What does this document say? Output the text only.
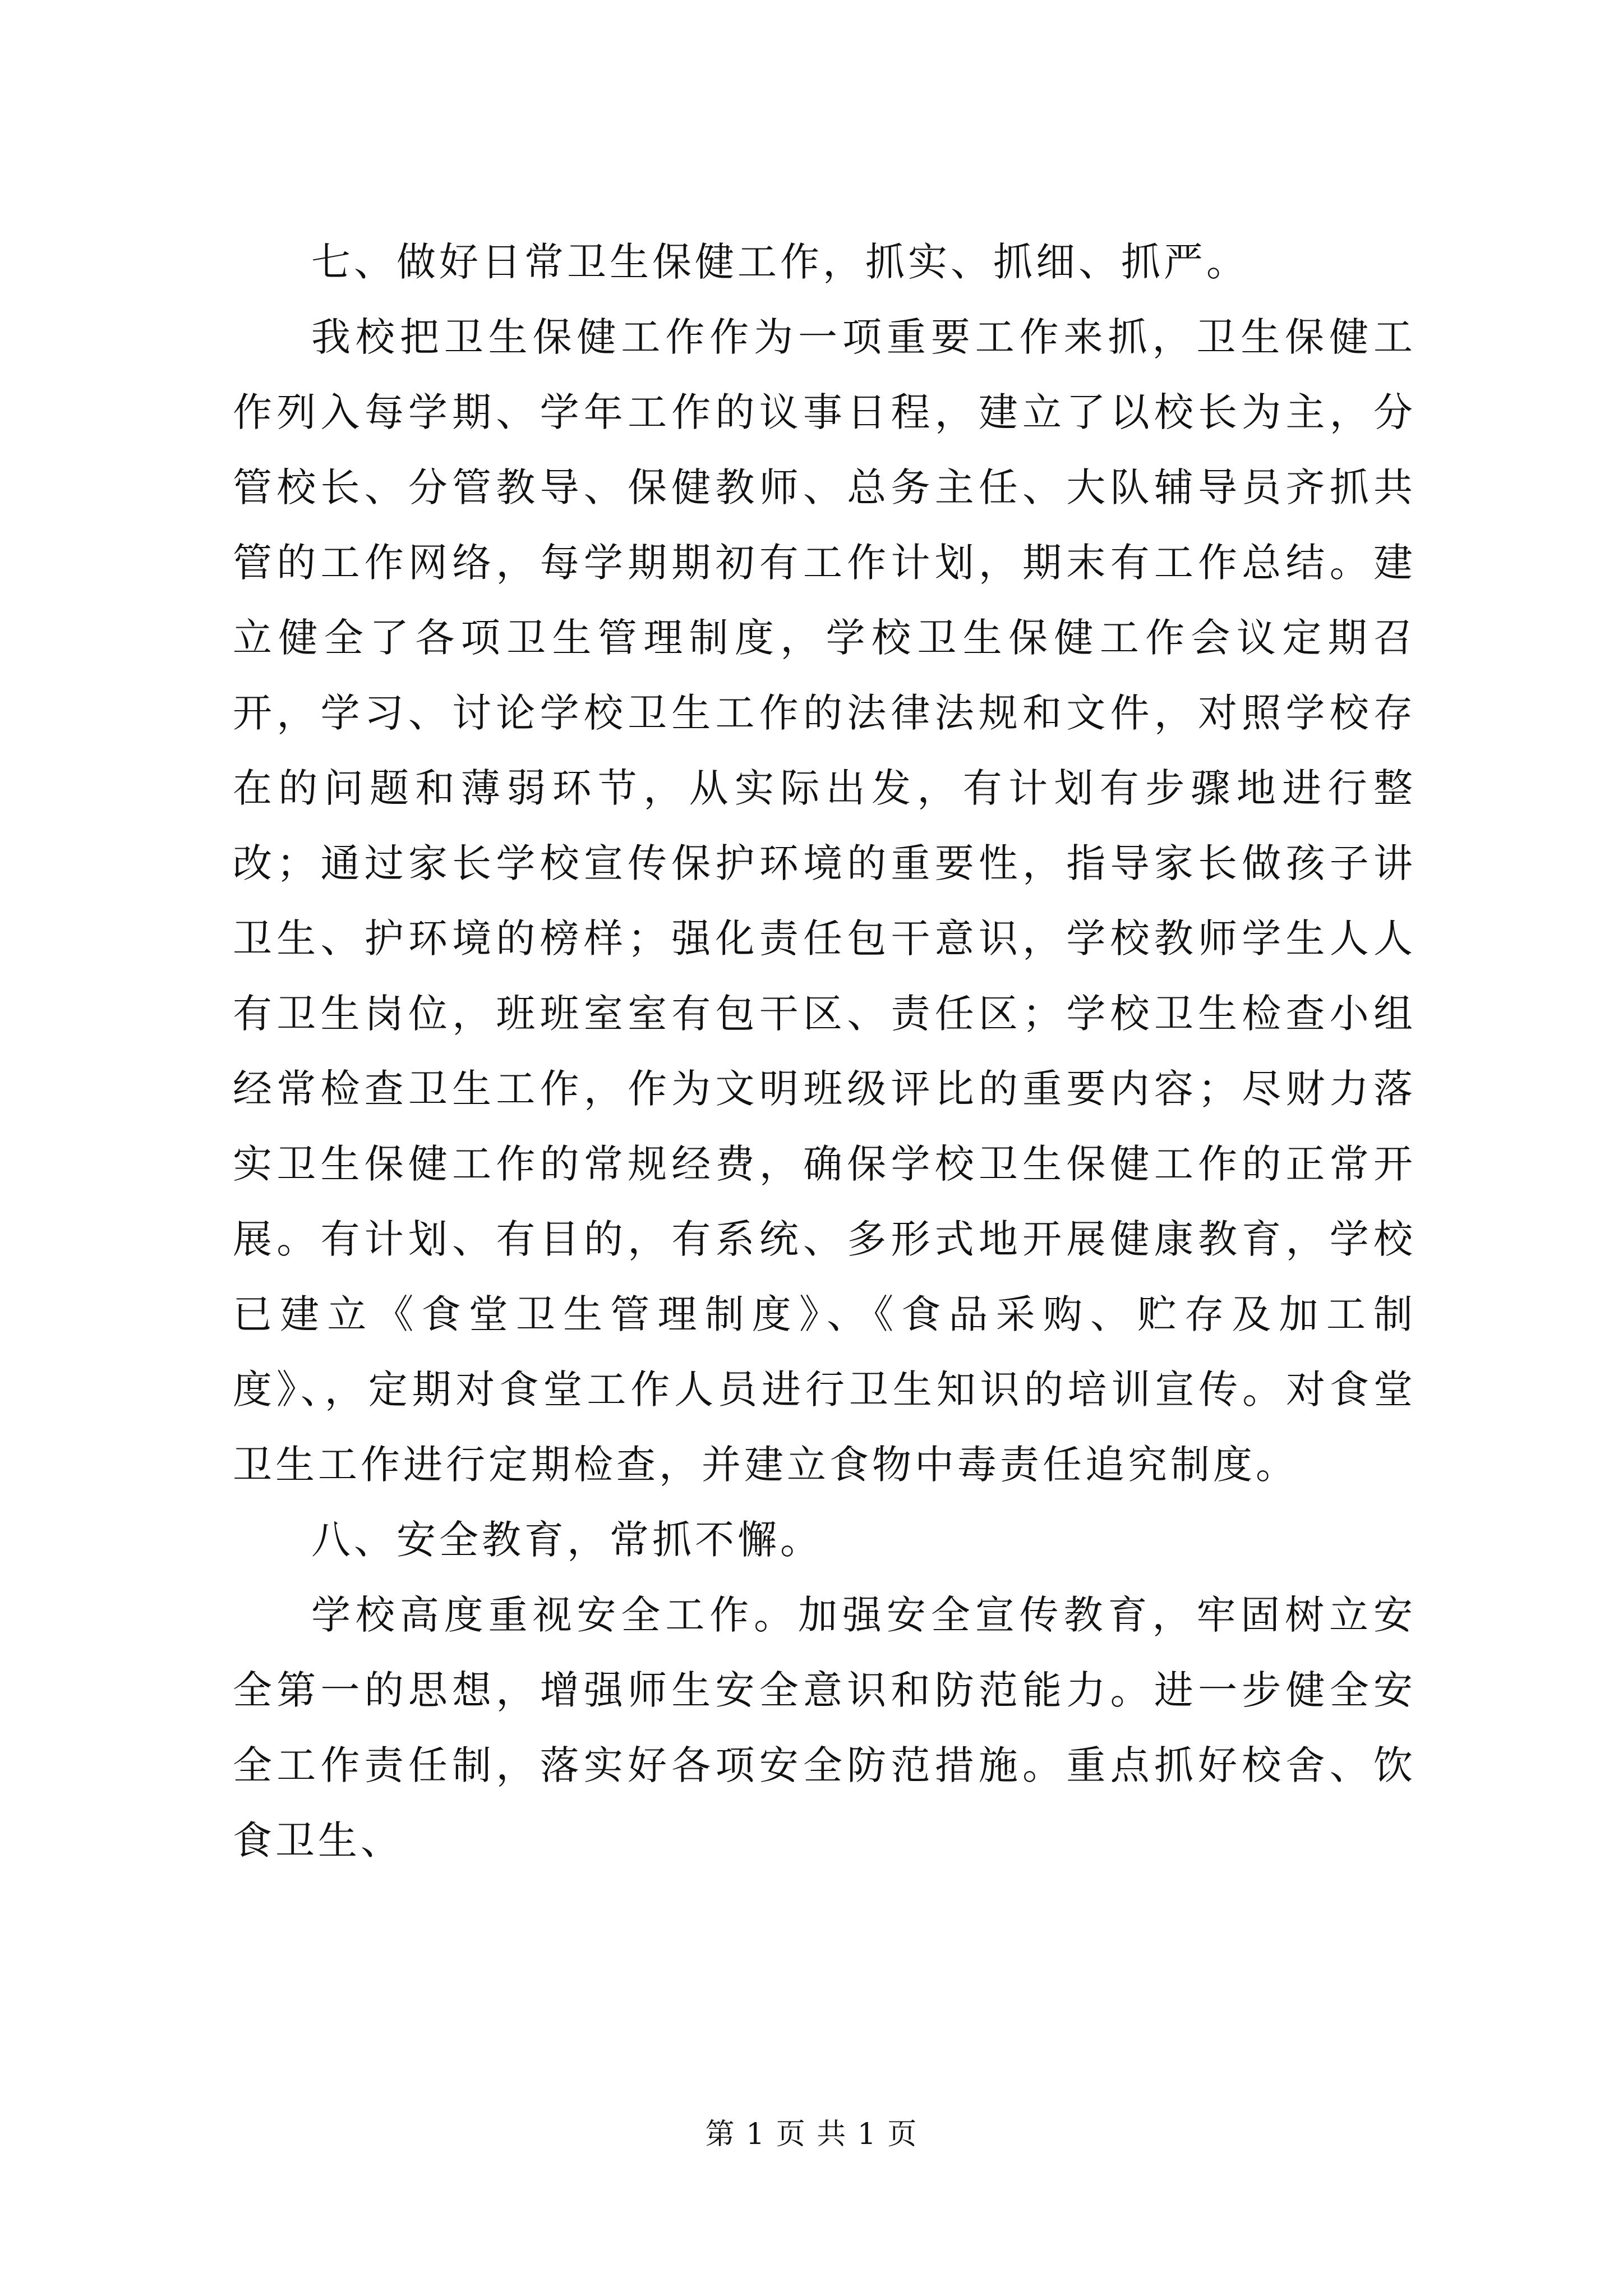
七、做好日常卫生保健工作，抓实、抓细、抓严。

我校把卫生保健工作作为一项重要工作来抓，卫生保健工作列入每学期、学年工作的议事日程，建立了以校长为主，分管校长、分管教导、保健教师、总务主任、大队辅导员齐抓共管的工作网络，每学期期初有工作计划，期末有工作总结。建立健全了各项卫生管理制度，学校卫生保健工作会议定期召开，学习、讨论学校卫生工作的法律法规和文件，对照学校存在的问题和薄弱环节，从实际出发，有计划有步骤地进行整改；通过家长学校宣传保护环境的重要性，指导家长做孩子讲卫生、护环境的榜样；强化责任包干意识，学校教师学生人人有卫生岗位，班班室室有包干区、责任区；学校卫生检查小组经常检查卫生工作，作为文明班级评比的重要内容；尽财力落实卫生保健工作的常规经费，确保学校卫生保健工作的正常开展。有计划、有目的，有系统、多形式地开展健康教育，学校已建立《食堂卫生管理制度》、《食品采购、贮存及加工制度》、，定期对食堂工作人员进行卫生知识的培训宣传。对食堂卫生工作进行定期检查，并建立食物中毒责任追究制度。

八、安全教育，常抓不懈。

学校高度重视安全工作。加强安全宣传教育，牢固树立安全第一的思想，增强师生安全意识和防范能力。进一步健全安全工作责任制，落实好各项安全防范措施。重点抓好校舍、饮食卫生、

第 1 页 共 1 页
